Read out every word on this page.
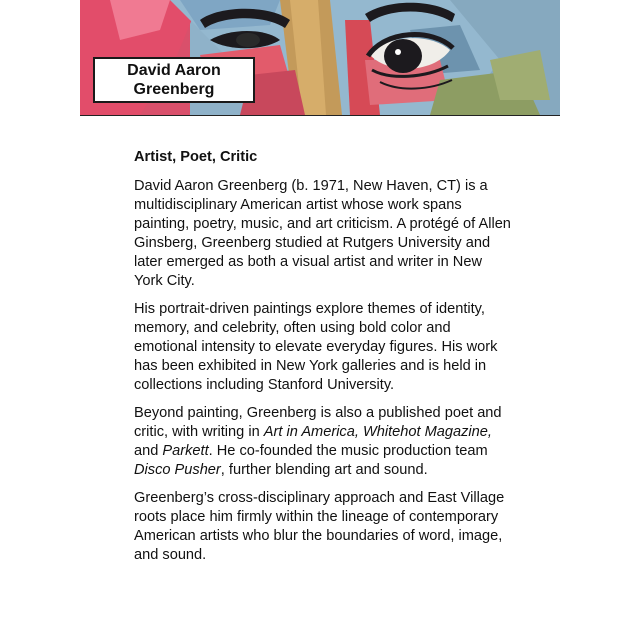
David Aaron Greenberg
Artist, Poet, Critic

David Aaron Greenberg (b. 1971, New Haven, CT) is a multidisciplinary American artist whose work spans painting, poetry, music, and art criticism. A protégé of Allen Ginsberg, Greenberg studied at Rutgers University and later emerged as both a visual artist and writer in New York City.

His portrait-driven paintings explore themes of identity, memory, and celebrity, often using bold color and emotional intensity to elevate everyday figures. His work has been exhibited in New York galleries and is held in collections including Stanford University.

Beyond painting, Greenberg is also a published poet and critic, with writing in Art in America, Whitehot Magazine, and Parkett. He co-founded the music production team Disco Pusher, further blending art and sound.

Greenberg’s cross-disciplinary approach and East Village roots place him firmly within the lineage of contemporary American artists who blur the boundaries of word, image, and sound.
